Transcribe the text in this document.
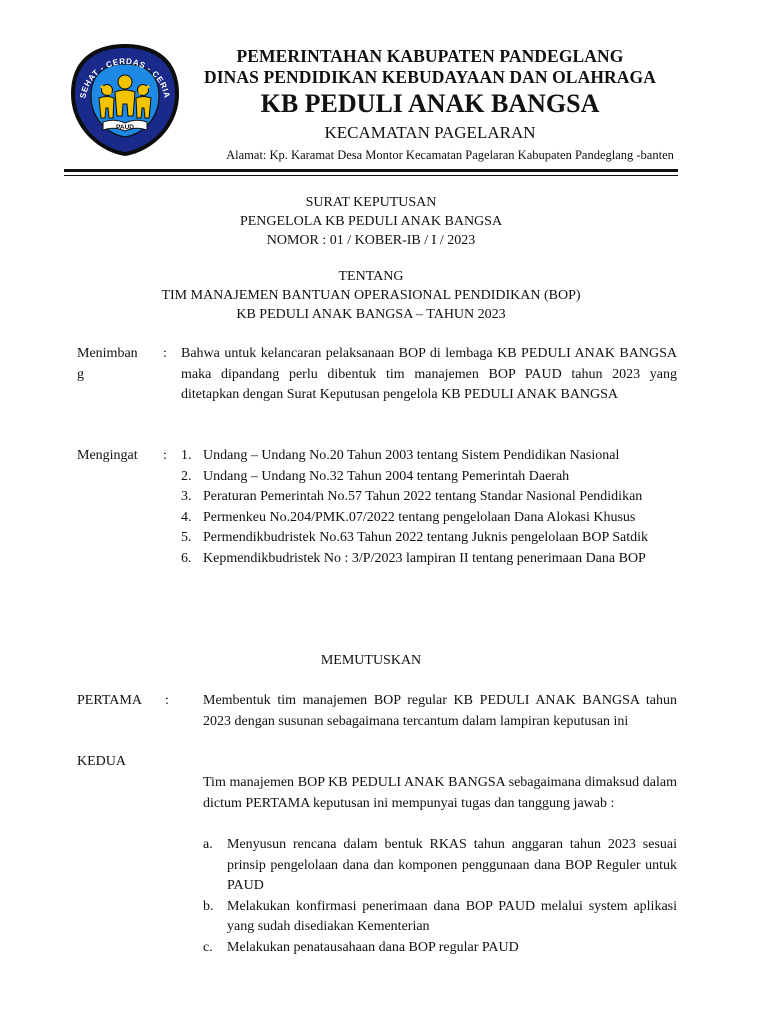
SEHAT - CERDAS - CERIA
PAUD
PEMERINTAHAN KABUPATEN PANDEGLANG
DINAS PENDIDIKAN KEBUDAYAAN DAN OLAHRAGA
KB PEDULI ANAK BANGSA
KECAMATAN PAGELARAN
Alamat: Kp. Karamat Desa Montor Kecamatan Pagelaran Kabupaten Pandeglang -banten
SURAT KEPUTUSAN
PENGELOLA KB PEDULI ANAK BANGSA
NOMOR : 01 / KOBER-IB / I / 2023
TENTANG
TIM MANAJEMEN BANTUAN OPERASIONAL PENDIDIKAN (BOP)
KB PEDULI ANAK BANGSA – TAHUN 2023
Menimban
g
: Bahwa untuk kelancaran pelaksanaan BOP di lembaga KB PEDULI ANAK BANGSA maka dipandang perlu dibentuk tim manajemen BOP PAUD tahun 2023 yang ditetapkan dengan Surat Keputusan pengelola KB PEDULI ANAK BANGSA
Mengingat : 1. Undang – Undang No.20 Tahun 2003 tentang Sistem Pendidikan Nasional
2. Undang – Undang No.32 Tahun 2004 tentang Pemerintah Daerah
3. Peraturan Pemerintah No.57 Tahun 2022 tentang Standar Nasional Pendidikan
4. Permenkeu No.204/PMK.07/2022 tentang pengelolaan Dana Alokasi Khusus
5. Permendikbudristek No.63 Tahun 2022 tentang Juknis pengelolaan BOP Satdik
6. Kepmendikbudristek No : 3/P/2023 lampiran II tentang penerimaan Dana BOP
MEMUTUSKAN
PERTAMA : Membentuk tim manajemen BOP regular KB PEDULI ANAK BANGSA tahun 2023 dengan susunan sebagaimana tercantum dalam lampiran keputusan ini
KEDUA
Tim manajemen BOP KB PEDULI ANAK BANGSA sebagaimana dimaksud dalam dictum PERTAMA keputusan ini mempunyai tugas dan tanggung jawab :
a. Menyusun rencana dalam bentuk RKAS tahun anggaran tahun 2023 sesuai prinsip pengelolaan dana dan komponen penggunaan dana BOP Reguler untuk PAUD
b. Melakukan konfirmasi penerimaan dana BOP PAUD melalui system aplikasi yang sudah disediakan Kementerian
c. Melakukan penatausahaan dana BOP regular PAUD
